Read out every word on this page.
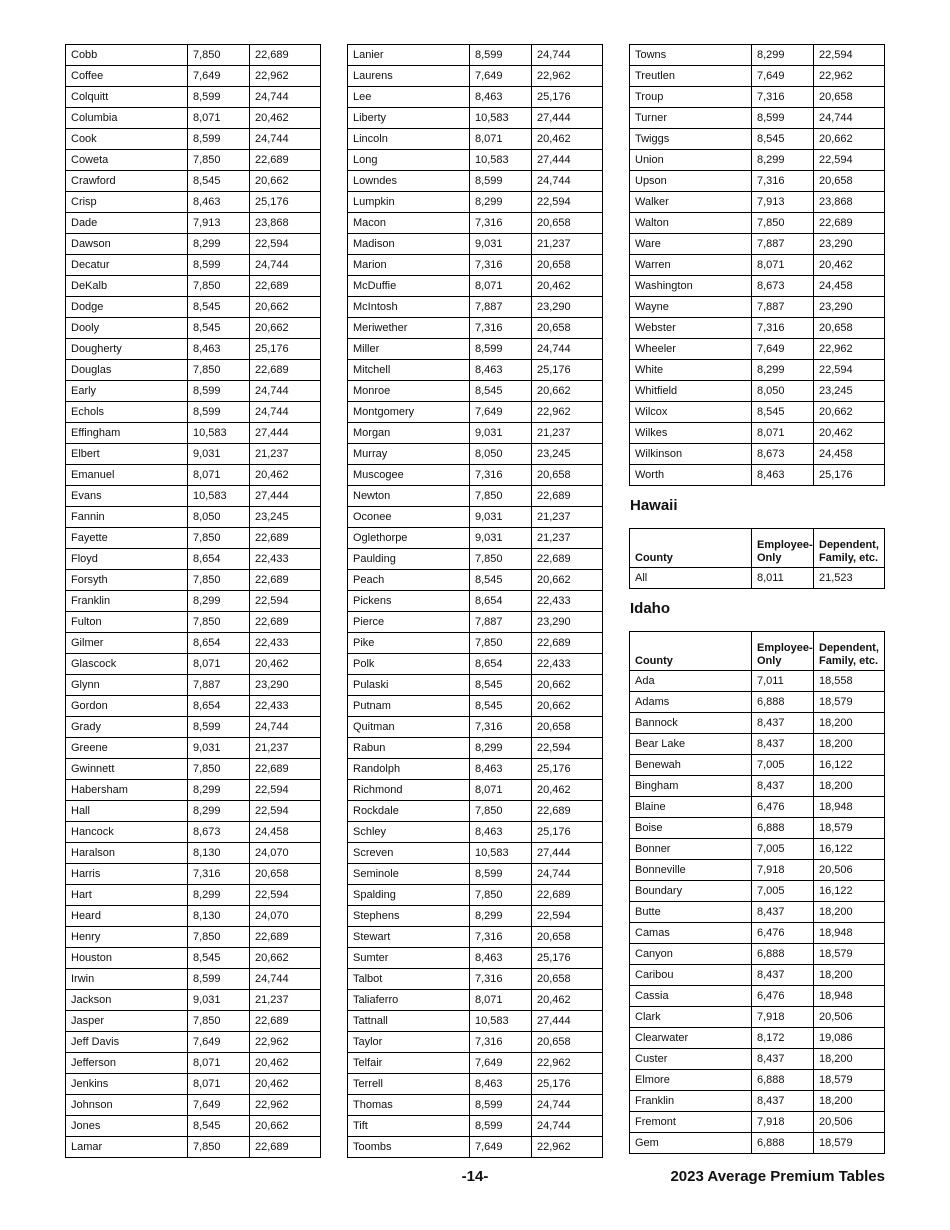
Cobb	7,850	22,689
Coffee	7,649	22,962
Colquitt	8,599	24,744
Columbia	8,071	20,462
Cook	8,599	24,744
Coweta	7,850	22,689
Crawford	8,545	20,662
Crisp	8,463	25,176
Dade	7,913	23,868
Dawson	8,299	22,594
Decatur	8,599	24,744
DeKalb	7,850	22,689
Dodge	8,545	20,662
Dooly	8,545	20,662
Dougherty	8,463	25,176
Douglas	7,850	22,689
Early	8,599	24,744
Echols	8,599	24,744
Effingham	10,583	27,444
Elbert	9,031	21,237
Emanuel	8,071	20,462
Evans	10,583	27,444
Fannin	8,050	23,245
Fayette	7,850	22,689
Floyd	8,654	22,433
Forsyth	7,850	22,689
Franklin	8,299	22,594
Fulton	7,850	22,689
Gilmer	8,654	22,433
Glascock	8,071	20,462
Glynn	7,887	23,290
Gordon	8,654	22,433
Grady	8,599	24,744
Greene	9,031	21,237
Gwinnett	7,850	22,689
Habersham	8,299	22,594
Hall	8,299	22,594
Hancock	8,673	24,458
Haralson	8,130	24,070
Harris	7,316	20,658
Hart	8,299	22,594
Heard	8,130	24,070
Henry	7,850	22,689
Houston	8,545	20,662
Irwin	8,599	24,744
Jackson	9,031	21,237
Jasper	7,850	22,689
Jeff Davis	7,649	22,962
Jefferson	8,071	20,462
Jenkins	8,071	20,462
Johnson	7,649	22,962
Jones	8,545	20,662
Lamar	7,850	22,689
Lanier	8,599	24,744
Laurens	7,649	22,962
Lee	8,463	25,176
Liberty	10,583	27,444
Lincoln	8,071	20,462
Long	10,583	27,444
Lowndes	8,599	24,744
Lumpkin	8,299	22,594
Macon	7,316	20,658
Madison	9,031	21,237
Marion	7,316	20,658
McDuffie	8,071	20,462
McIntosh	7,887	23,290
Meriwether	7,316	20,658
Miller	8,599	24,744
Mitchell	8,463	25,176
Monroe	8,545	20,662
Montgomery	7,649	22,962
Morgan	9,031	21,237
Murray	8,050	23,245
Muscogee	7,316	20,658
Newton	7,850	22,689
Oconee	9,031	21,237
Oglethorpe	9,031	21,237
Paulding	7,850	22,689
Peach	8,545	20,662
Pickens	8,654	22,433
Pierce	7,887	23,290
Pike	7,850	22,689
Polk	8,654	22,433
Pulaski	8,545	20,662
Putnam	8,545	20,662
Quitman	7,316	20,658
Rabun	8,299	22,594
Randolph	8,463	25,176
Richmond	8,071	20,462
Rockdale	7,850	22,689
Schley	8,463	25,176
Screven	10,583	27,444
Seminole	8,599	24,744
Spalding	7,850	22,689
Stephens	8,299	22,594
Stewart	7,316	20,658
Sumter	8,463	25,176
Talbot	7,316	20,658
Taliaferro	8,071	20,462
Tattnall	10,583	27,444
Taylor	7,316	20,658
Telfair	7,649	22,962
Terrell	8,463	25,176
Thomas	8,599	24,744
Tift	8,599	24,744
Toombs	7,649	22,962
Towns	8,299	22,594
Treutlen	7,649	22,962
Troup	7,316	20,658
Turner	8,599	24,744
Twiggs	8,545	20,662
Union	8,299	22,594
Upson	7,316	20,658
Walker	7,913	23,868
Walton	7,850	22,689
Ware	7,887	23,290
Warren	8,071	20,462
Washington	8,673	24,458
Wayne	7,887	23,290
Webster	7,316	20,658
Wheeler	7,649	22,962
White	8,299	22,594
Whitfield	8,050	23,245
Wilcox	8,545	20,662
Wilkes	8,071	20,462
Wilkinson	8,673	24,458
Worth	8,463	25,176
Hawaii
County	Employee-Only	Dependent, Family, etc.
All	8,011	21,523
Idaho
County	Employee-Only	Dependent, Family, etc.
Ada	7,011	18,558
Adams	6,888	18,579
Bannock	8,437	18,200
Bear Lake	8,437	18,200
Benewah	7,005	16,122
Bingham	8,437	18,200
Blaine	6,476	18,948
Boise	6,888	18,579
Bonner	7,005	16,122
Bonneville	7,918	20,506
Boundary	7,005	16,122
Butte	8,437	18,200
Camas	6,476	18,948
Canyon	6,888	18,579
Caribou	8,437	18,200
Cassia	6,476	18,948
Clark	7,918	20,506
Clearwater	8,172	19,086
Custer	8,437	18,200
Elmore	6,888	18,579
Franklin	8,437	18,200
Fremont	7,918	20,506
Gem	6,888	18,579
-14-	2023 Average Premium Tables
